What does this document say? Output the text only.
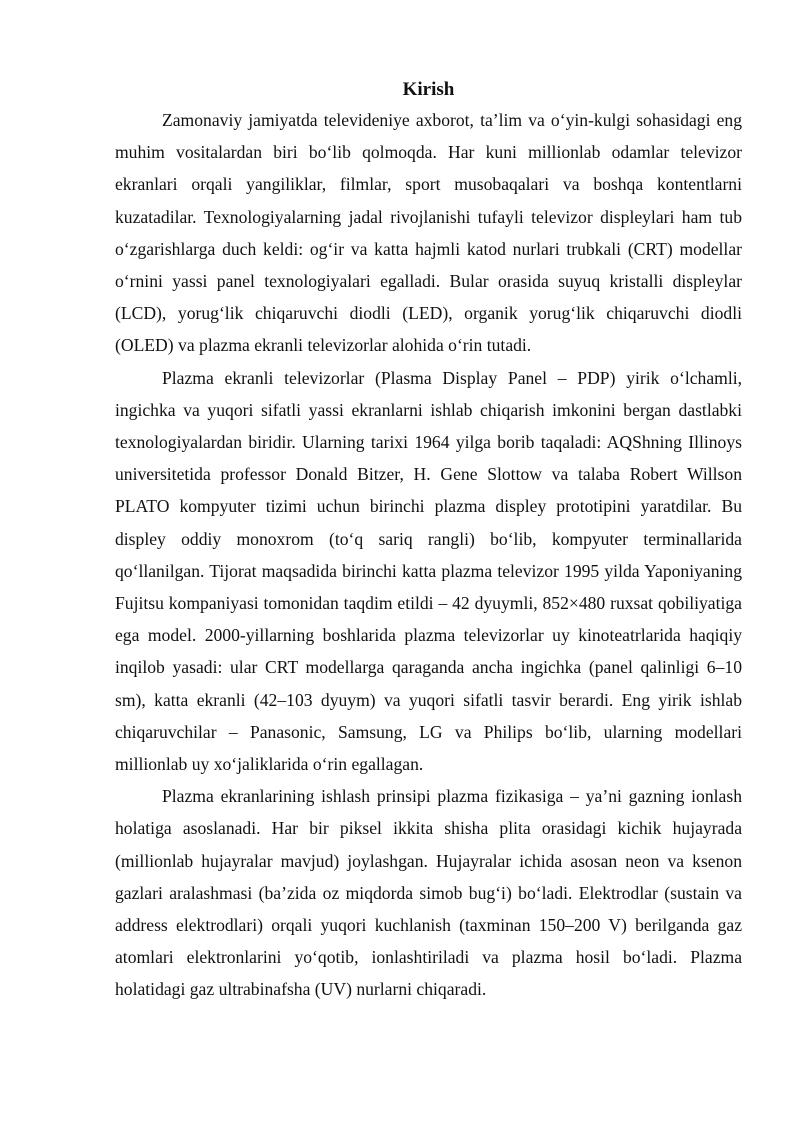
Kirish

Zamonaviy jamiyatda televideniye axborot, ta’lim va o‘yin-kulgi sohasidagi eng muhim vositalardan biri bo‘lib qolmoqda. Har kuni millionlab odamlar televizor ekranlari orqali yangiliklar, filmlar, sport musobaqalari va boshqa kontentlarni kuzatadilar. Texnologiyalarning jadal rivojlanishi tufayli televizor displeylari ham tub o‘zgarishlarga duch keldi: og‘ir va katta hajmli katod nurlari trubkali (CRT) modellar o‘rnini yassi panel texnologiyalari egalladi. Bular orasida suyuq kristalli displeylar (LCD), yorug‘lik chiqaruvchi diodli (LED), organik yorug‘lik chiqaruvchi diodli (OLED) va plazma ekranli televizorlar alohida o‘rin tutadi.

Plazma ekranli televizorlar (Plasma Display Panel – PDP) yirik o‘lchamli, ingichka va yuqori sifatli yassi ekranlarni ishlab chiqarish imkonini bergan dastlabki texnologiyalardan biridir. Ularning tarixi 1964 yilga borib taqaladi: AQShning Illinoys universitetida professor Donald Bitzer, H. Gene Slottow va talaba Robert Willson PLATO kompyuter tizimi uchun birinchi plazma displey prototipini yaratdilar. Bu displey oddiy monoxrom (to‘q sariq rangli) bo‘lib, kompyuter terminallarida qo‘llanilgan. Tijorat maqsadida birinchi katta plazma televizor 1995 yilda Yaponiyaning Fujitsu kompaniyasi tomonidan taqdim etildi – 42 dyuymli, 852×480 ruxsat qobiliyatiga ega model. 2000-yillarning boshlarida plazma televizorlar uy kinoteatrlarida haqiqiy inqilob yasadi: ular CRT modellarga qaraganda ancha ingichka (panel qalinligi 6–10 sm), katta ekranli (42–103 dyuym) va yuqori sifatli tasvir berardi. Eng yirik ishlab chiqaruvchilar – Panasonic, Samsung, LG va Philips bo‘lib, ularning modellari millionlab uy xo‘jaliklarida o‘rin egallagan.

Plazma ekranlarining ishlash prinsipi plazma fizikasiga – ya’ni gazning ionlash holatiga asoslanadi. Har bir piksel ikkita shisha plita orasidagi kichik hujayrada (millionlab hujayralar mavjud) joylashgan. Hujayralar ichida asosan neon va ksenon gazlari aralashmasi (ba’zida oz miqdorda simob bug‘i) bo‘ladi. Elektrodlar (sustain va address elektrodlari) orqali yuqori kuchlanish (taxminan 150–200 V) berilganda gaz atomlari elektronlarini yo‘qotib, ionlashtiriladi va plazma hosil bo‘ladi. Plazma holatidagi gaz ultrabinafsha (UV) nurlarni chiqaradi.
